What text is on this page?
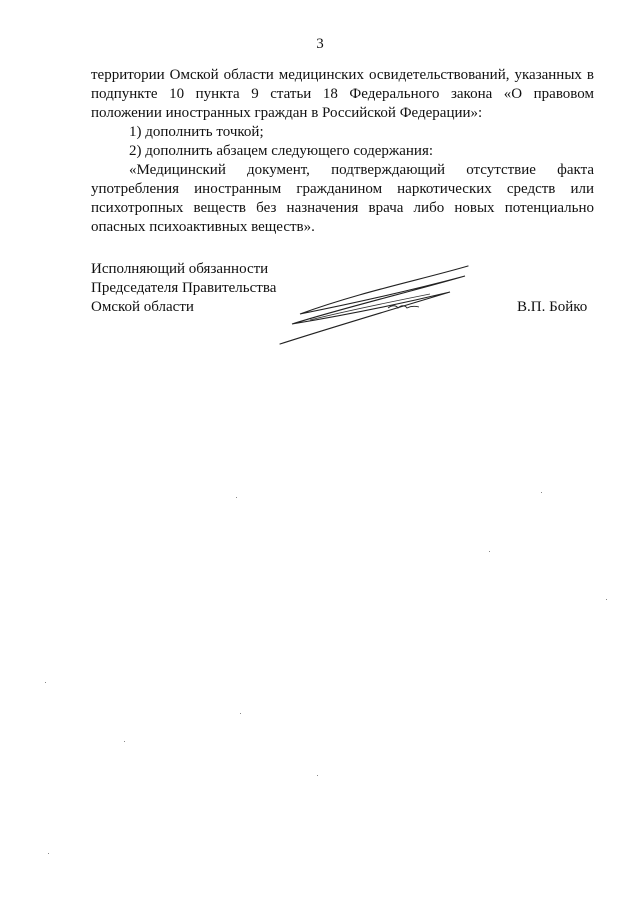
3

территории Омской области медицинских освидетельствований, указанных в подпункте 10 пункта 9 статьи 18 Федерального закона «О правовом положении иностранных граждан в Российской Федерации»:

1) дополнить точкой;

2) дополнить абзацем следующего содержания:

«Медицинский документ, подтверждающий отсутствие факта употребления иностранным гражданином наркотических средств или психотропных веществ без назначения врача либо новых потенциально опасных психоактивных веществ».

Исполняющий обязанности
Председателя Правительства
Омской области	В.П. Бойко
